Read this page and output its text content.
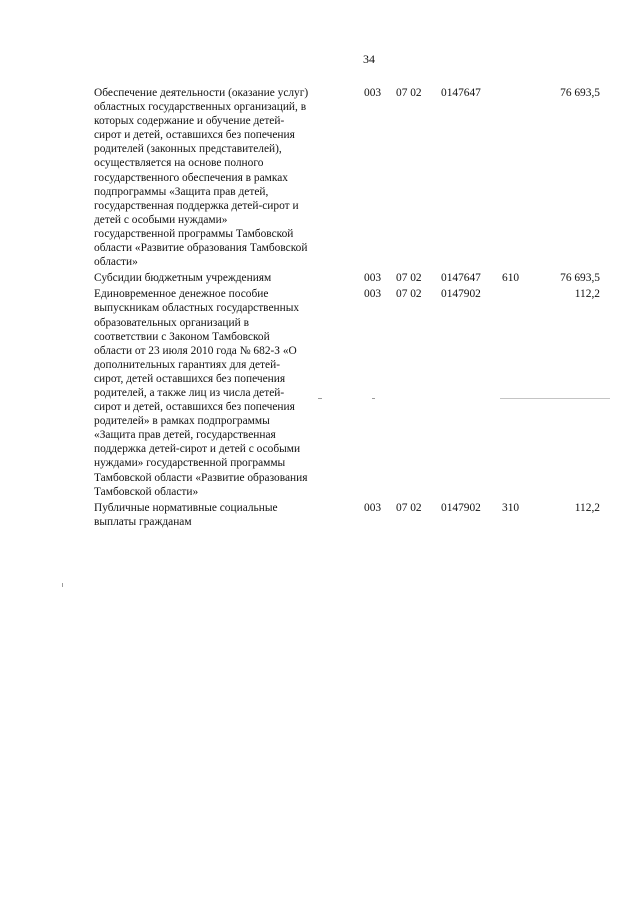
34
Обеспечение деятельности (оказание услуг)
областных государственных организаций, в
которых содержание и обучение детей-
сирот и детей, оставшихся без попечения
родителей (законных представителей),
осуществляется на основе полного
государственного обеспечения в рамках
подпрограммы «Защита прав детей,
государственная поддержка детей-сирот и
детей с особыми нуждами»
государственной программы Тамбовской
области «Развитие образования Тамбовской
области»
003 07 02 0147647	76 693,5
Субсидии бюджетным учреждениям	003 07 02 0147647 610	76 693,5
Единовременное денежное пособие
выпускникам областных государственных
образовательных организаций в
соответствии с Законом Тамбовской
области от 23 июля 2010 года № 682-З «О
дополнительных гарантиях для детей-
сирот, детей оставшихся без попечения
родителей, а также лиц из числа детей-
сирот и детей, оставшихся без попечения
родителей» в рамках подпрограммы
«Защита прав детей, государственная
поддержка детей-сирот и детей с особыми
нуждами» государственной программы
Тамбовской области «Развитие образования
Тамбовской области»
003 07 02 0147902	112,2
Публичные нормативные социальные
выплаты гражданам
003 07 02 0147902 310	112,2
